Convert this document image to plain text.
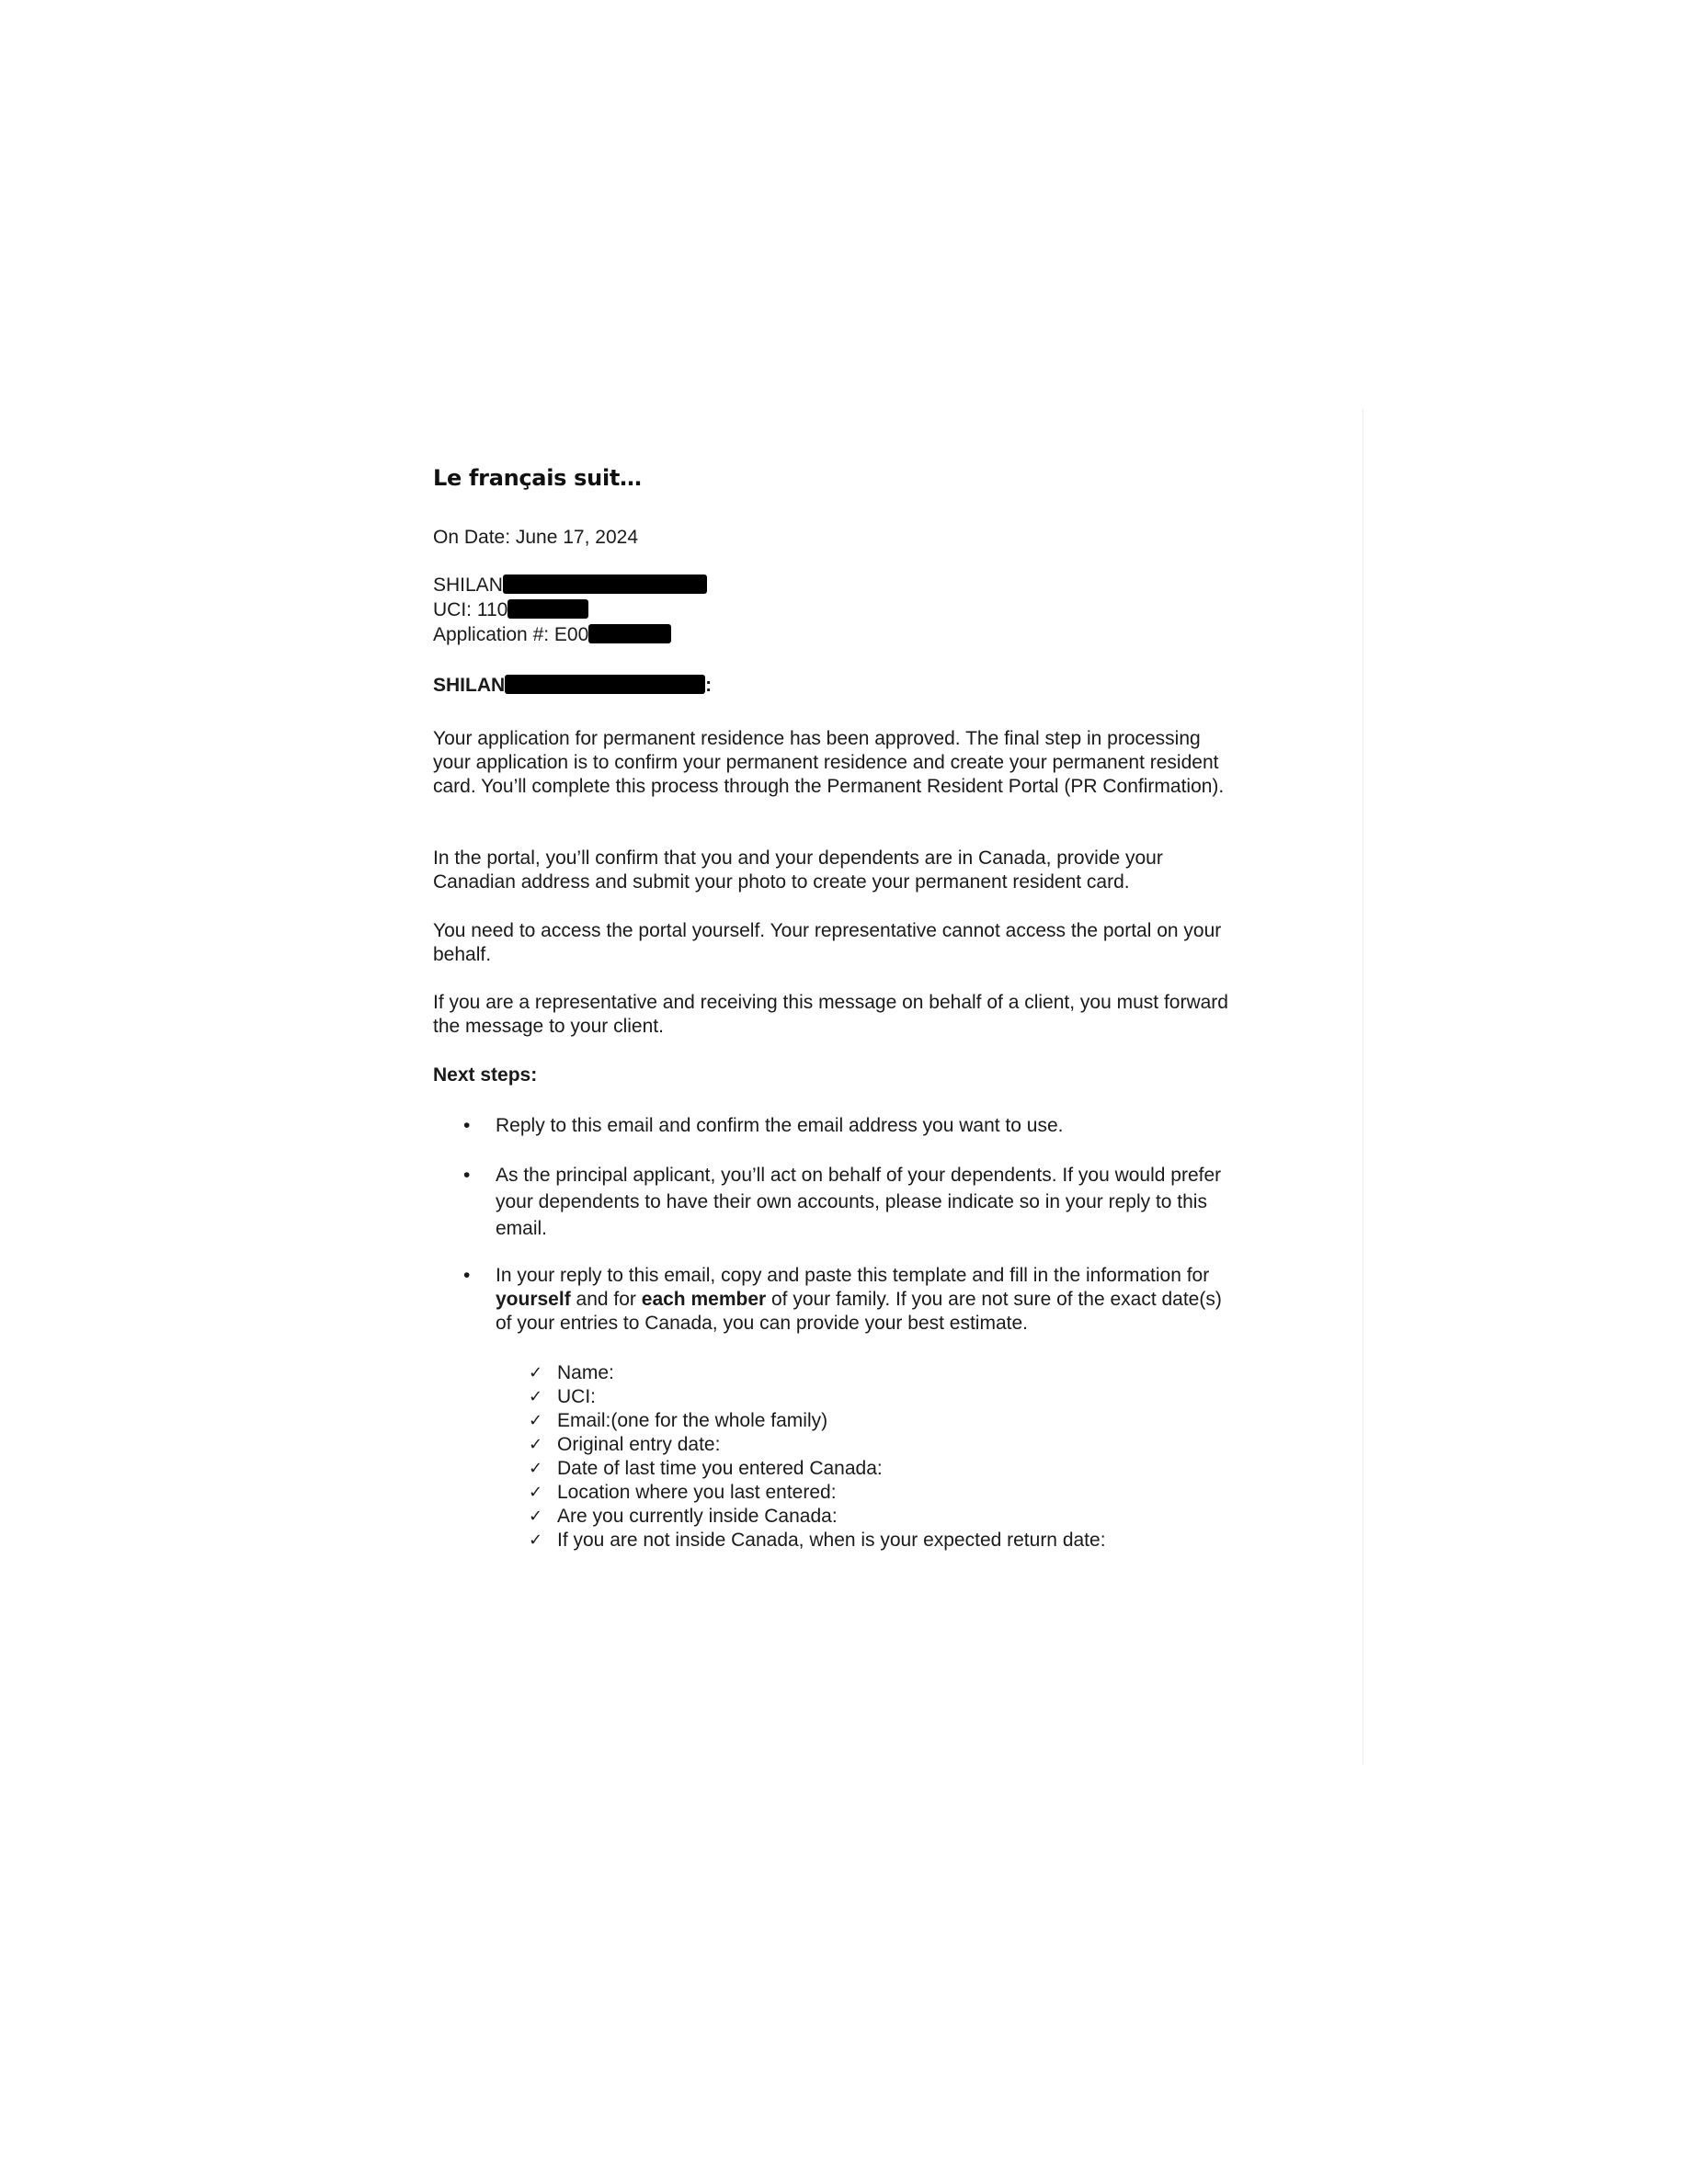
Le français suit…
On Date: June 17, 2024
SHILAN
UCI: 110
Application #: E00
SHILAN	:
Your application for permanent residence has been approved. The final step in processing your application is to confirm your permanent residence and create your permanent resident card. You’ll complete this process through the Permanent Resident Portal (PR Confirmation).
In the portal, you’ll confirm that you and your dependents are in Canada, provide your Canadian address and submit your photo to create your permanent resident card.
You need to access the portal yourself. Your representative cannot access the portal on your behalf.
If you are a representative and receiving this message on behalf of a client, you must forward the message to your client.
Next steps:
• Reply to this email and confirm the email address you want to use.
• As the principal applicant, you’ll act on behalf of your dependents. If you would prefer your dependents to have their own accounts, please indicate so in your reply to this email.
• In your reply to this email, copy and paste this template and fill in the information for yourself and for each member of your family. If you are not sure of the exact date(s) of your entries to Canada, you can provide your best estimate.
✓ Name:
✓ UCI:
✓ Email:(one for the whole family)
✓ Original entry date:
✓ Date of last time you entered Canada:
✓ Location where you last entered:
✓ Are you currently inside Canada:
✓ If you are not inside Canada, when is your expected return date:
